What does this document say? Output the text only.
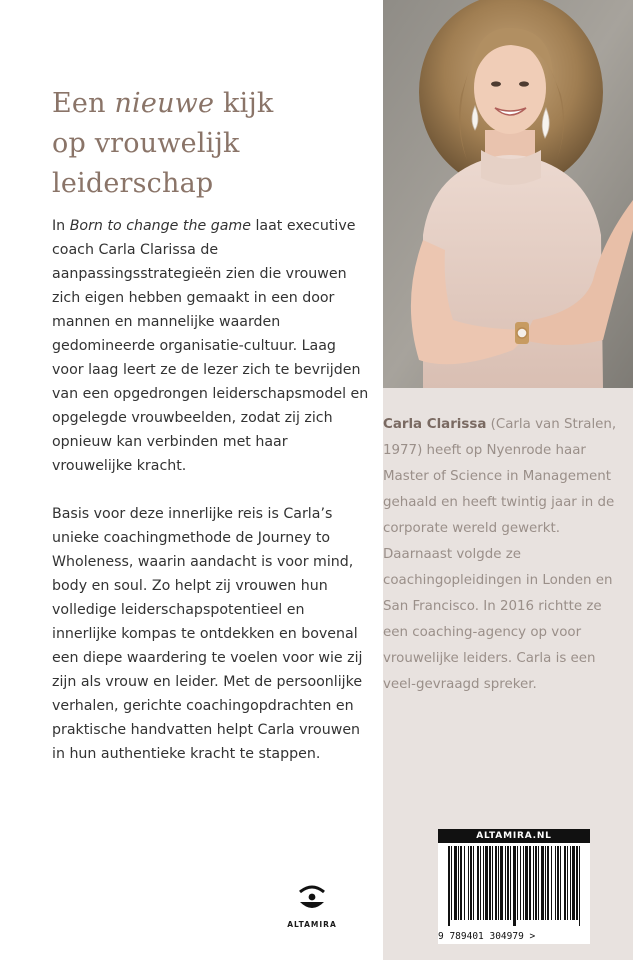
Een nieuwe kijk
op vrouwelijk
leiderschap

In Born to change the game laat executive coach Carla Clarissa de aanpassingsstrategieën zien die vrouwen zich eigen hebben gemaakt in een door mannen en mannelijke waarden gedomineerde organisatie-cultuur. Laag voor laag leert ze de lezer zich te bevrijden van een opgedrongen leiderschapsmodel en opgelegde vrouwbeelden, zodat zij zich opnieuw kan verbinden met haar vrouwelijke kracht.

Basis voor deze innerlijke reis is Carla’s unieke coachingmethode de Journey to Wholeness, waarin aandacht is voor mind, body en soul. Zo helpt zij vrouwen hun volledige leiderschapspotentieel en innerlijke kompas te ontdekken en bovenal een diepe waardering te voelen voor wie zij zijn als vrouw en leider. Met de persoonlijke verhalen, gerichte coachingopdrachten en praktische handvatten helpt Carla vrouwen in hun authentieke kracht te stappen.

ALTAMIRA

Carla Clarissa (Carla van Stralen, 1977) heeft op Nyenrode haar Master of Science in Management gehaald en heeft twintig jaar in de corporate wereld gewerkt. Daarnaast volgde ze coachingopleidingen in Londen en San Francisco. In 2016 richtte ze een coaching-agency op voor vrouwelijke leiders. Carla is een veel-gevraagd spreker.

ALTAMIRA.NL
9 789401 304979 >
